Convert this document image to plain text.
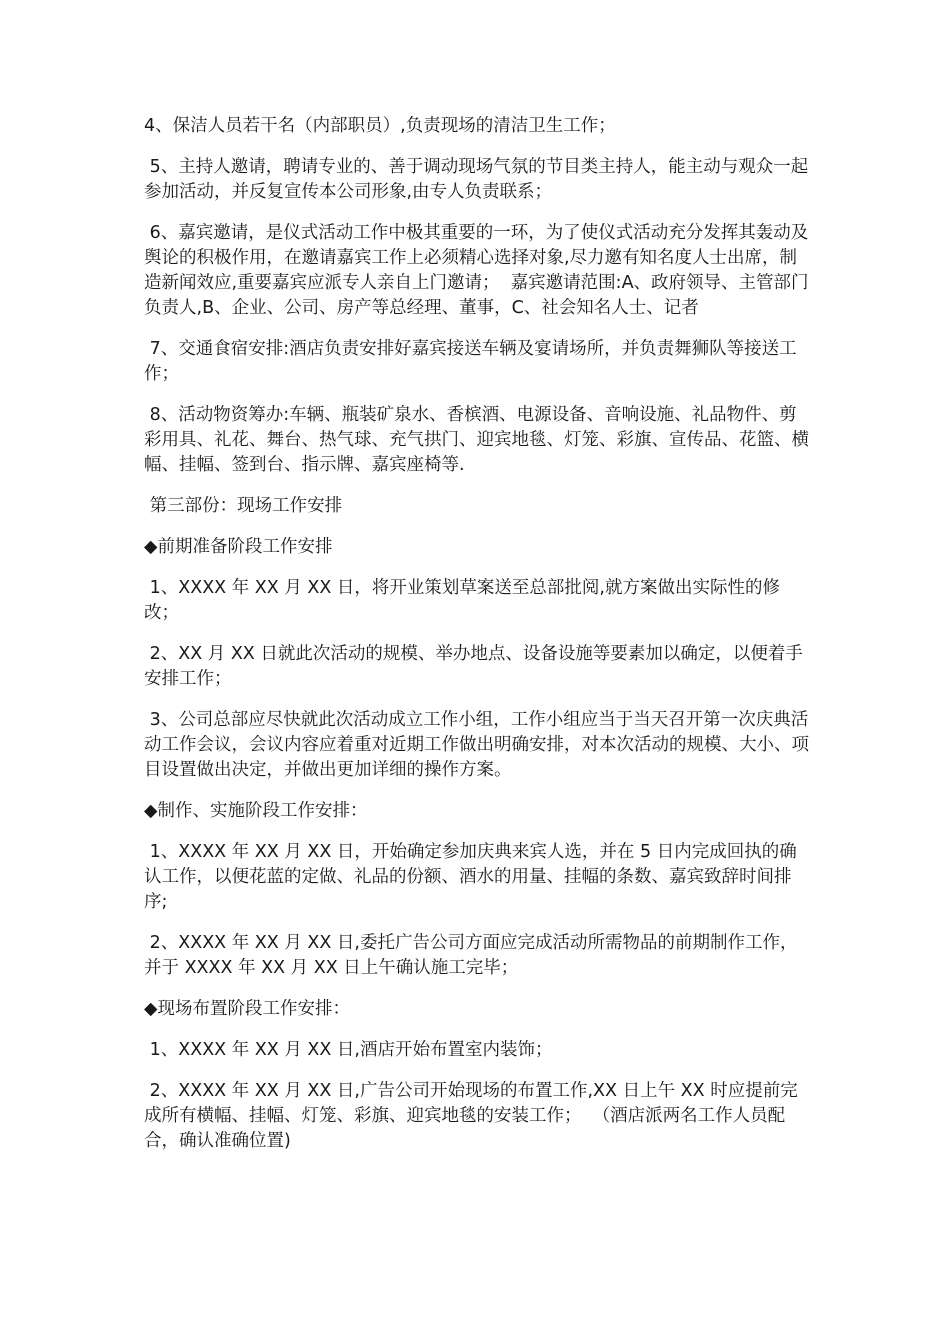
4、保洁人员若干名（内部职员）,负责现场的清洁卫生工作；

5、主持人邀请，聘请专业的、善于调动现场气氛的节目类主持人，能主动与观众一起参加活动，并反复宣传本公司形象,由专人负责联系；

6、嘉宾邀请，是仪式活动工作中极其重要的一环，为了使仪式活动充分发挥其轰动及舆论的积极作用，在邀请嘉宾工作上必须精心选择对象,尽力邀有知名度人士出席，制造新闻效应,重要嘉宾应派专人亲自上门邀请；  嘉宾邀请范围:A、政府领导、主管部门负责人,B、企业、公司、房产等总经理、董事，C、社会知名人士、记者

7、交通食宿安排:酒店负责安排好嘉宾接送车辆及宴请场所，并负责舞狮队等接送工作；

8、活动物资筹办:车辆、瓶装矿泉水、香槟酒、电源设备、音响设施、礼品物件、剪彩用具、礼花、舞台、热气球、充气拱门、迎宾地毯、灯笼、彩旗、宣传品、花篮、横幅、挂幅、签到台、指示牌、嘉宾座椅等.

第三部份：现场工作安排

◆前期准备阶段工作安排

1、XXXX 年 XX 月 XX 日，将开业策划草案送至总部批阅,就方案做出实际性的修改；

2、XX 月 XX 日就此次活动的规模、举办地点、设备设施等要素加以确定，以便着手安排工作；

3、公司总部应尽快就此次活动成立工作小组，工作小组应当于当天召开第一次庆典活动工作会议，会议内容应着重对近期工作做出明确安排，对本次活动的规模、大小、项目设置做出决定，并做出更加详细的操作方案。

◆制作、实施阶段工作安排：

1、XXXX 年 XX 月 XX 日，开始确定参加庆典来宾人选，并在 5 日内完成回执的确认工作，以便花蓝的定做、礼品的份额、酒水的用量、挂幅的条数、嘉宾致辞时间排序;

2、XXXX 年 XX 月 XX 日,委托广告公司方面应完成活动所需物品的前期制作工作，并于 XXXX 年 XX 月 XX 日上午确认施工完毕；

◆现场布置阶段工作安排：

1、XXXX 年 XX 月 XX 日,酒店开始布置室内装饰；

2、XXXX 年 XX 月 XX 日,广告公司开始现场的布置工作,XX 日上午 XX 时应提前完成所有横幅、挂幅、灯笼、彩旗、迎宾地毯的安装工作；  （酒店派两名工作人员配合，确认准确位置)
